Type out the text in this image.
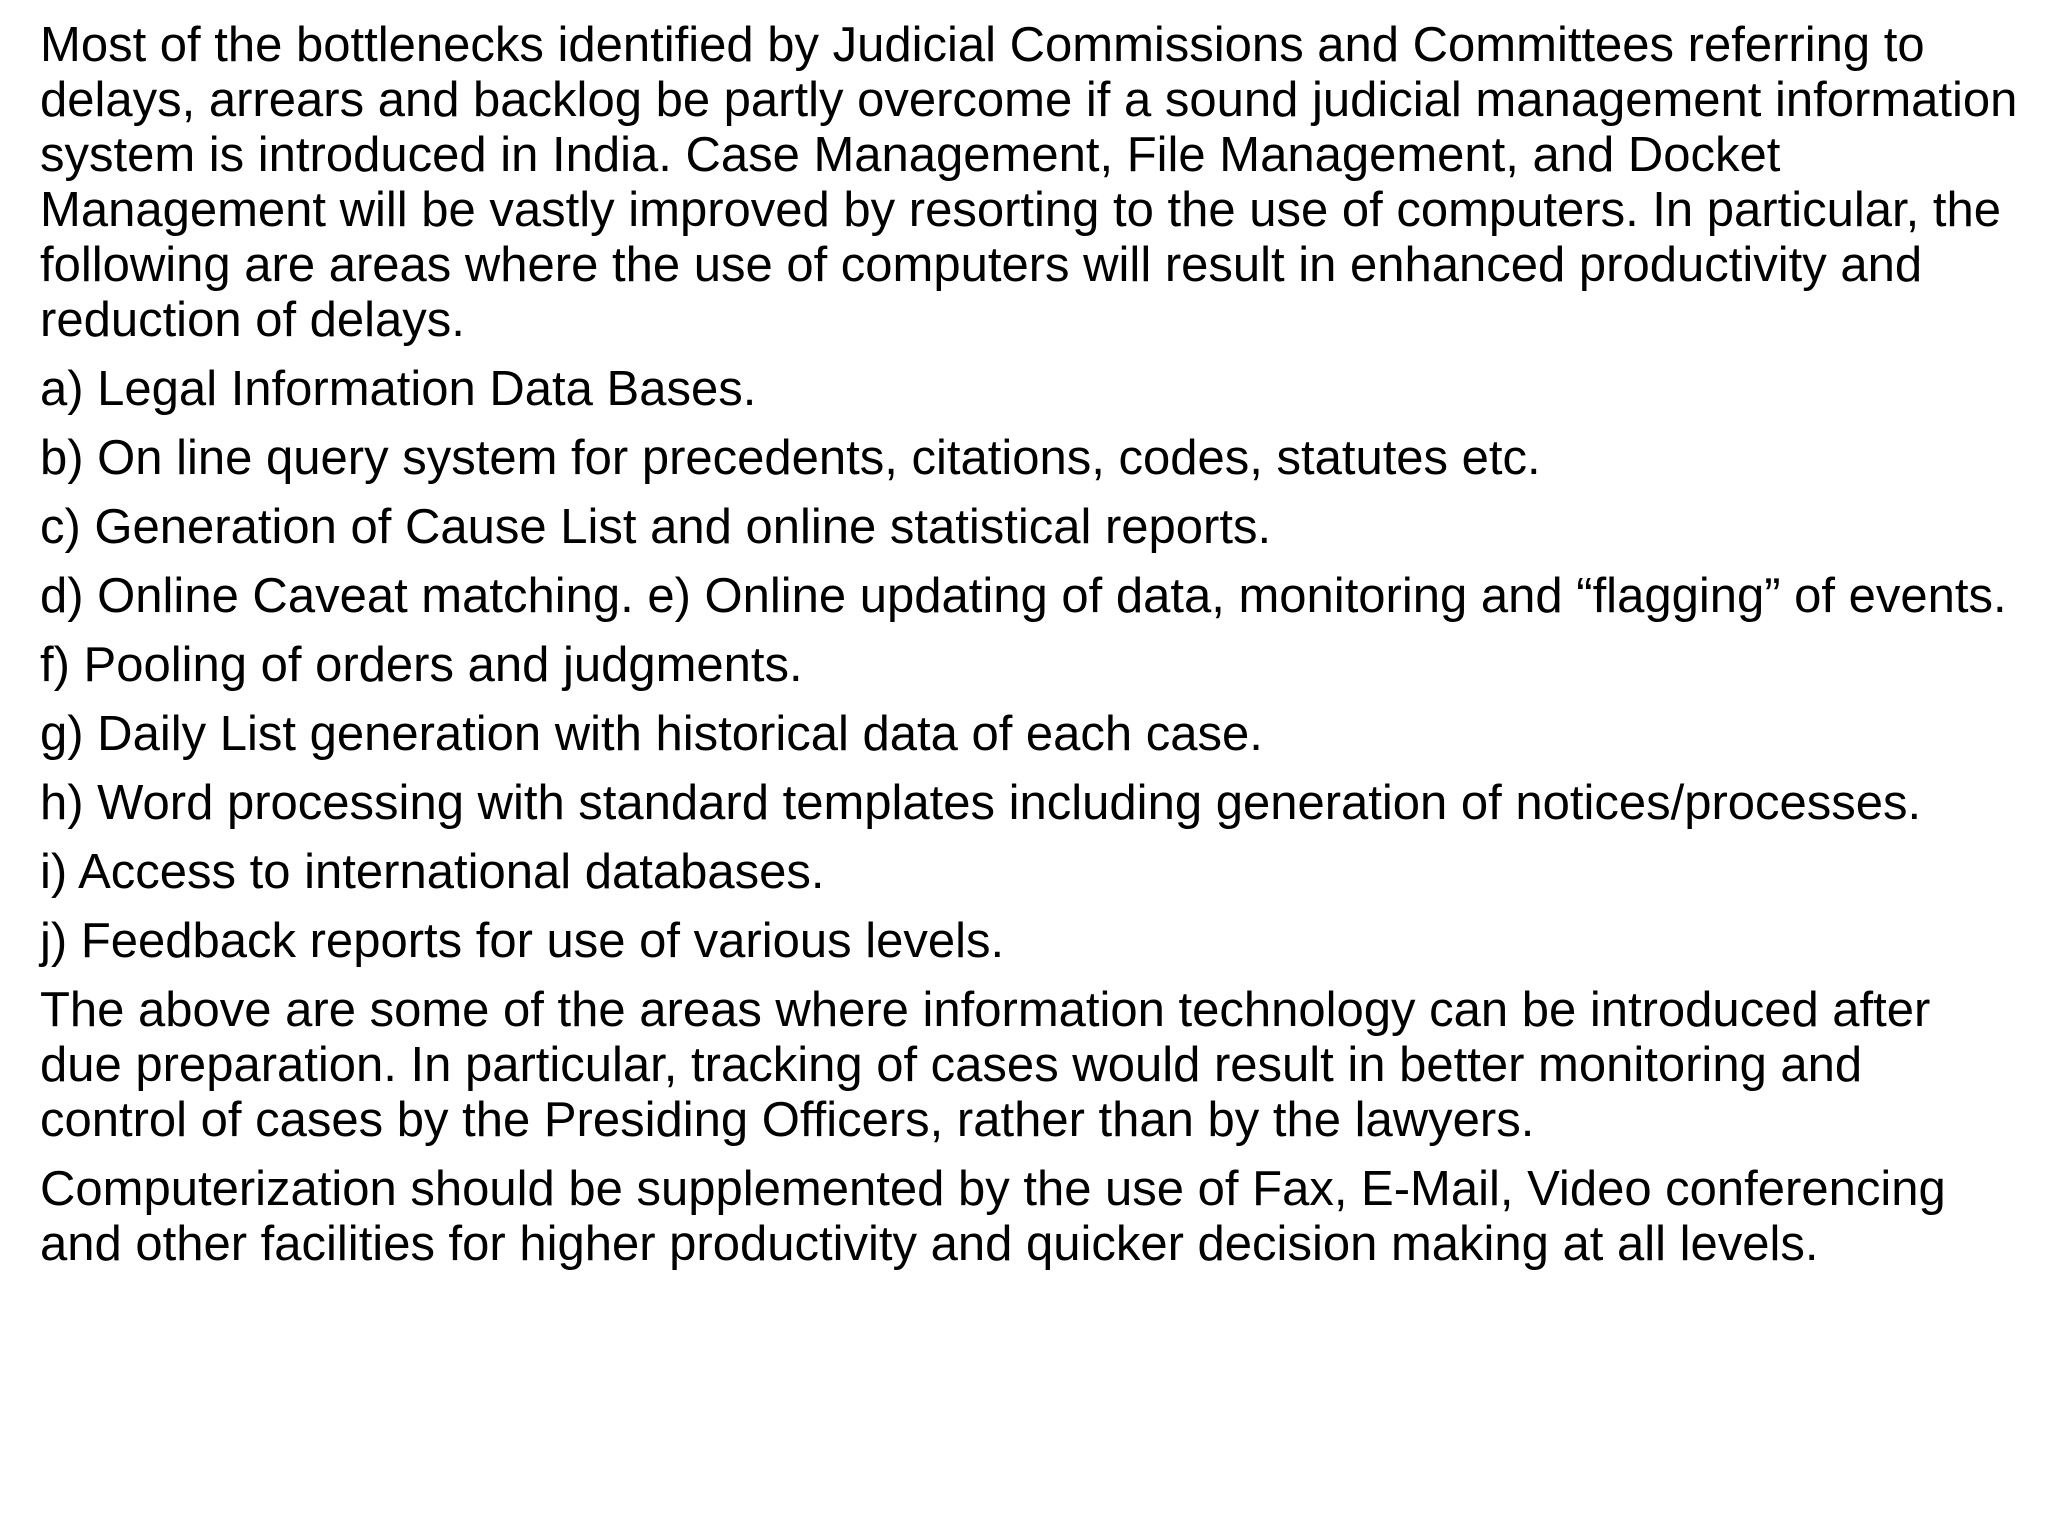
Most of the bottlenecks identified by Judicial Commissions and Committees referring to delays, arrears and backlog be partly overcome if a sound judicial management information system is introduced in India. Case Management, File Management, and Docket Management will be vastly improved by resorting to the use of computers. In particular, the following are areas where the use of computers will result in enhanced productivity and reduction of delays.

a) Legal Information Data Bases.

b) On line query system for precedents, citations, codes, statutes etc.

c) Generation of Cause List and online statistical reports.

d) Online Caveat matching. e) Online updating of data, monitoring and “flagging” of events.

f) Pooling of orders and judgments.

g) Daily List generation with historical data of each case.

h) Word processing with standard templates including generation of notices/processes.

i) Access to international databases.

j) Feedback reports for use of various levels.

The above are some of the areas where information technology can be introduced after due preparation. In particular, tracking of cases would result in better monitoring and control of cases by the Presiding Officers, rather than by the lawyers.

Computerization should be supplemented by the use of Fax, E-Mail, Video conferencing and other facilities for higher productivity and quicker decision making at all levels.
